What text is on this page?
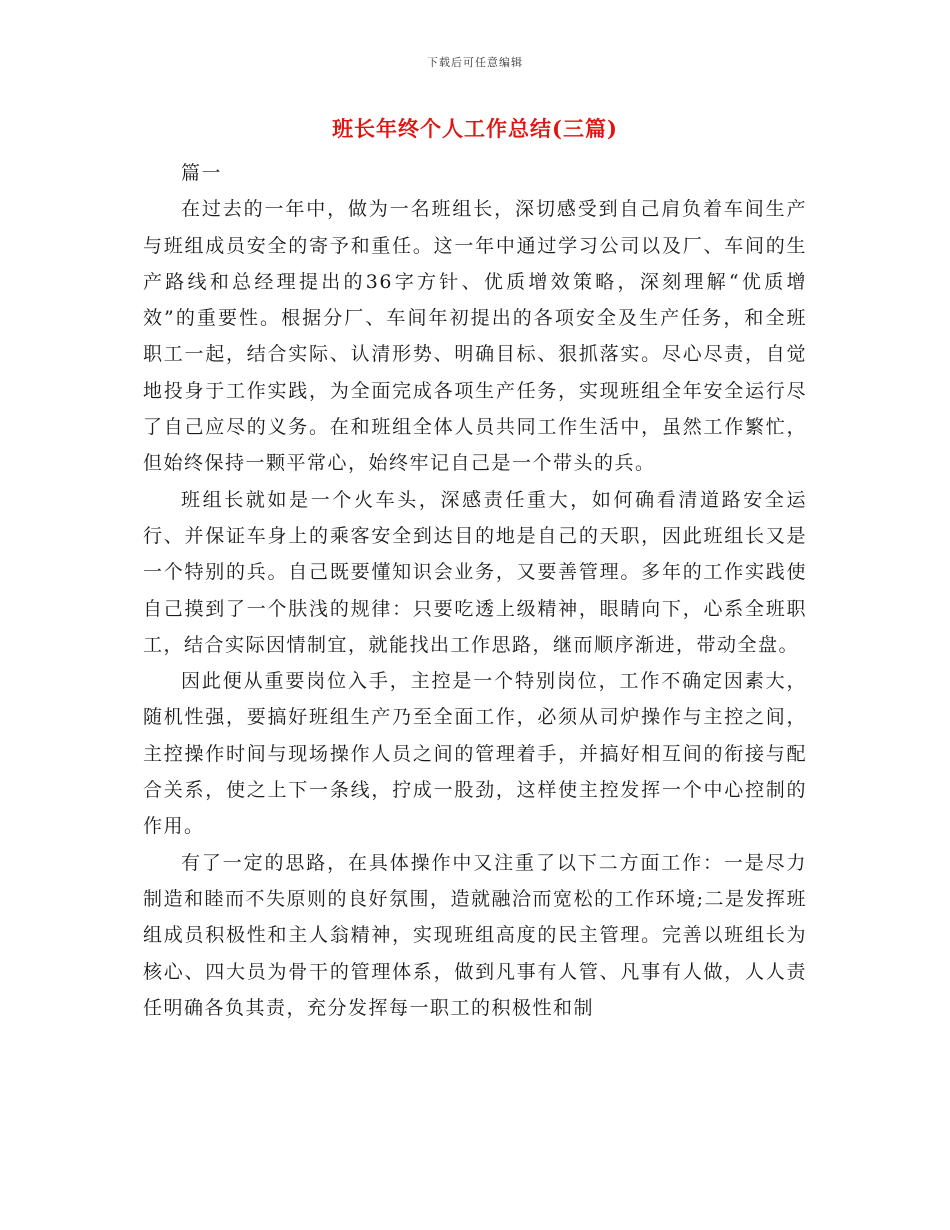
下载后可任意编辑
班长年终个人工作总结(三篇)

篇一

在过去的一年中，做为一名班组长，深切感受到自己肩负着车间生产与班组成员安全的寄予和重任。这一年中通过学习公司以及厂、车间的生产路线和总经理提出的36字方针、优质增效策略，深刻理解“优质增效”的重要性。根据分厂、车间年初提出的各项安全及生产任务，和全班职工一起，结合实际、认清形势、明确目标、狠抓落实。尽心尽责，自觉地投身于工作实践，为全面完成各项生产任务，实现班组全年安全运行尽了自己应尽的义务。在和班组全体人员共同工作生活中，虽然工作繁忙，但始终保持一颗平常心，始终牢记自己是一个带头的兵。

班组长就如是一个火车头，深感责任重大，如何确看清道路安全运行、并保证车身上的乘客安全到达目的地是自己的天职，因此班组长又是一个特别的兵。自己既要懂知识会业务，又要善管理。多年的工作实践使自己摸到了一个肤浅的规律：只要吃透上级精神，眼睛向下，心系全班职工，结合实际因情制宜，就能找出工作思路，继而顺序渐进，带动全盘。

因此便从重要岗位入手，主控是一个特别岗位，工作不确定因素大，随机性强，要搞好班组生产乃至全面工作，必须从司炉操作与主控之间，主控操作时间与现场操作人员之间的管理着手，并搞好相互间的衔接与配合关系，使之上下一条线，拧成一股劲，这样使主控发挥一个中心控制的作用。

有了一定的思路，在具体操作中又注重了以下二方面工作：一是尽力制造和睦而不失原则的良好氛围，造就融洽而宽松的工作环境;二是发挥班组成员积极性和主人翁精神，实现班组高度的民主管理。完善以班组长为核心、四大员为骨干的管理体系，做到凡事有人管、凡事有人做，人人责任明确各负其责，充分发挥每一职工的积极性和制
